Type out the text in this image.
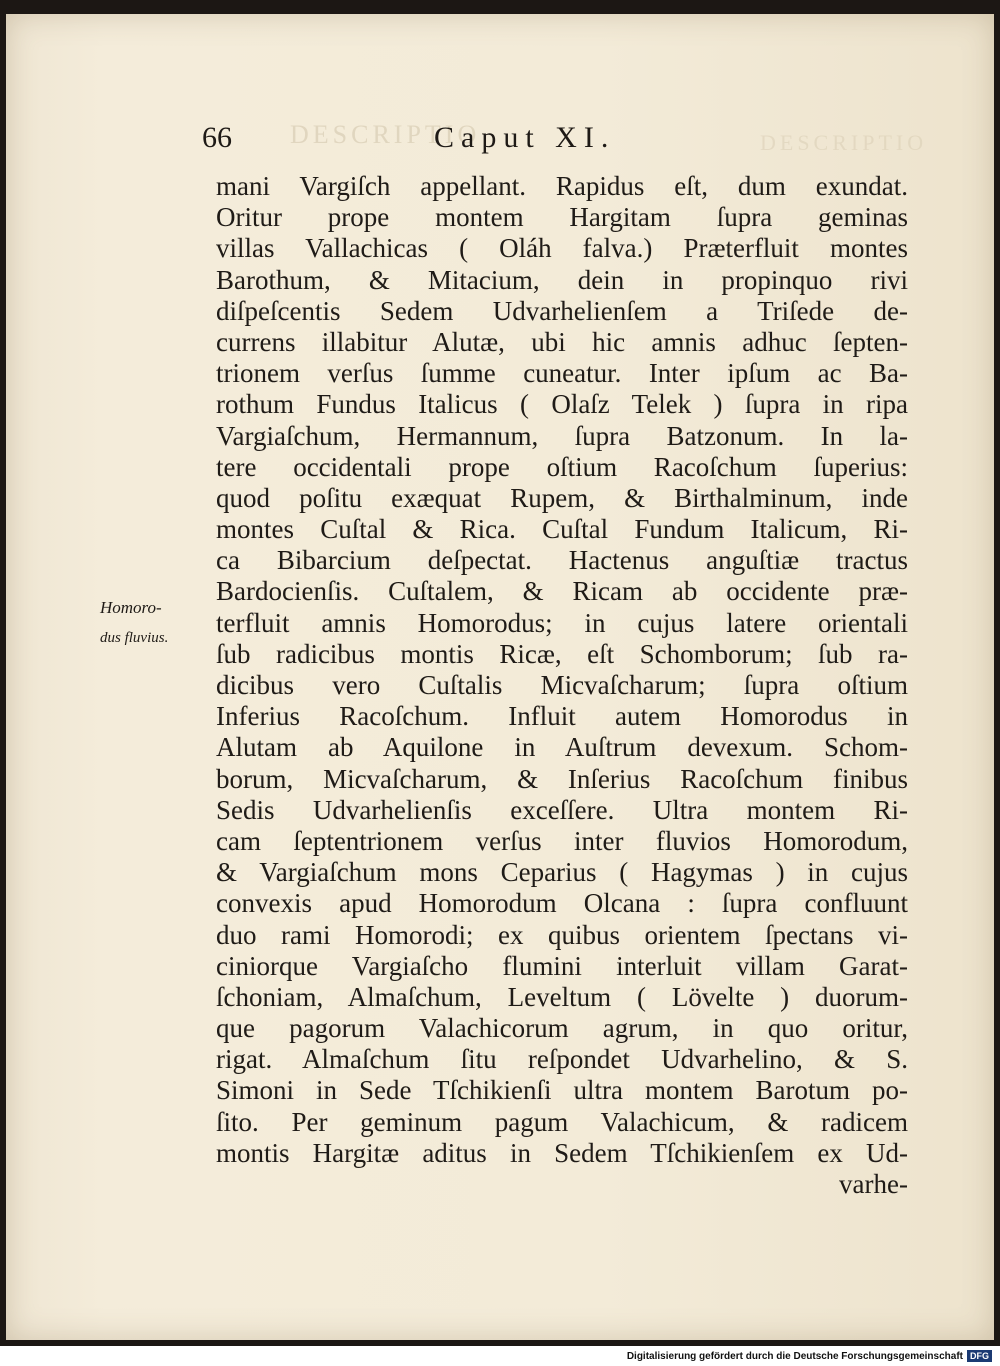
DESCRIPTIO	DESCRIPTIO
66	Caput XI.
Homoro-
dus fluvius.
mani Vargiſch appellant. Rapidus eſt, dum exundat.
Oritur prope montem Hargitam ſupra geminas
villas Vallachicas ( Oláh falva.) Præterfluit montes
Barothum, & Mitacium, dein in propinquo rivi
diſpeſcentis Sedem Udvarhelienſem a Triſede de-
currens illabitur Alutæ, ubi hic amnis adhuc ſepten-
trionem verſus ſumme cuneatur. Inter ipſum ac Ba-
rothum Fundus Italicus ( Olaſz Telek ) ſupra in ripa
Vargiaſchum, Hermannum, ſupra Batzonum. In la-
tere occidentali prope oſtium Racoſchum ſuperius:
quod poſitu exæquat Rupem, & Birthalminum, inde
montes Cuſtal & Rica. Cuſtal Fundum Italicum, Ri-
ca Bibarcium deſpectat. Hactenus anguſtiæ tractus
Bardocienſis. Cuſtalem, & Ricam ab occidente præ-
terfluit amnis Homorodus; in cujus latere orientali
ſub radicibus montis Ricæ, eſt Schomborum; ſub ra-
dicibus vero Cuſtalis Micvaſcharum; ſupra oſtium
Inferius Racoſchum. Influit autem Homorodus in
Alutam ab Aquilone in Auſtrum devexum. Schom-
borum, Micvaſcharum, & Inſerius Racoſchum finibus
Sedis Udvarhelienſis exceſſere. Ultra montem Ri-
cam ſeptentrionem verſus inter fluvios Homorodum,
& Vargiaſchum mons Ceparius ( Hagymas ) in cujus
convexis apud Homorodum Olcana : ſupra confluunt
duo rami Homorodi; ex quibus orientem ſpectans vi-
ciniorque Vargiaſcho flumini interluit villam Garat-
ſchoniam, Almaſchum, Leveltum ( Lövelte ) duorum-
que pagorum Valachicorum agrum, in quo oritur,
rigat. Almaſchum ſitu reſpondet Udvarhelino, & S.
Simoni in Sede Tſchikienſi ultra montem Barotum po-
ſito. Per geminum pagum Valachicum, & radicem
montis Hargitæ aditus in Sedem Tſchikienſem ex Ud-
varhe-
Digitalisierung gefördert durch die Deutsche Forschungsgemeinschaft DFG
